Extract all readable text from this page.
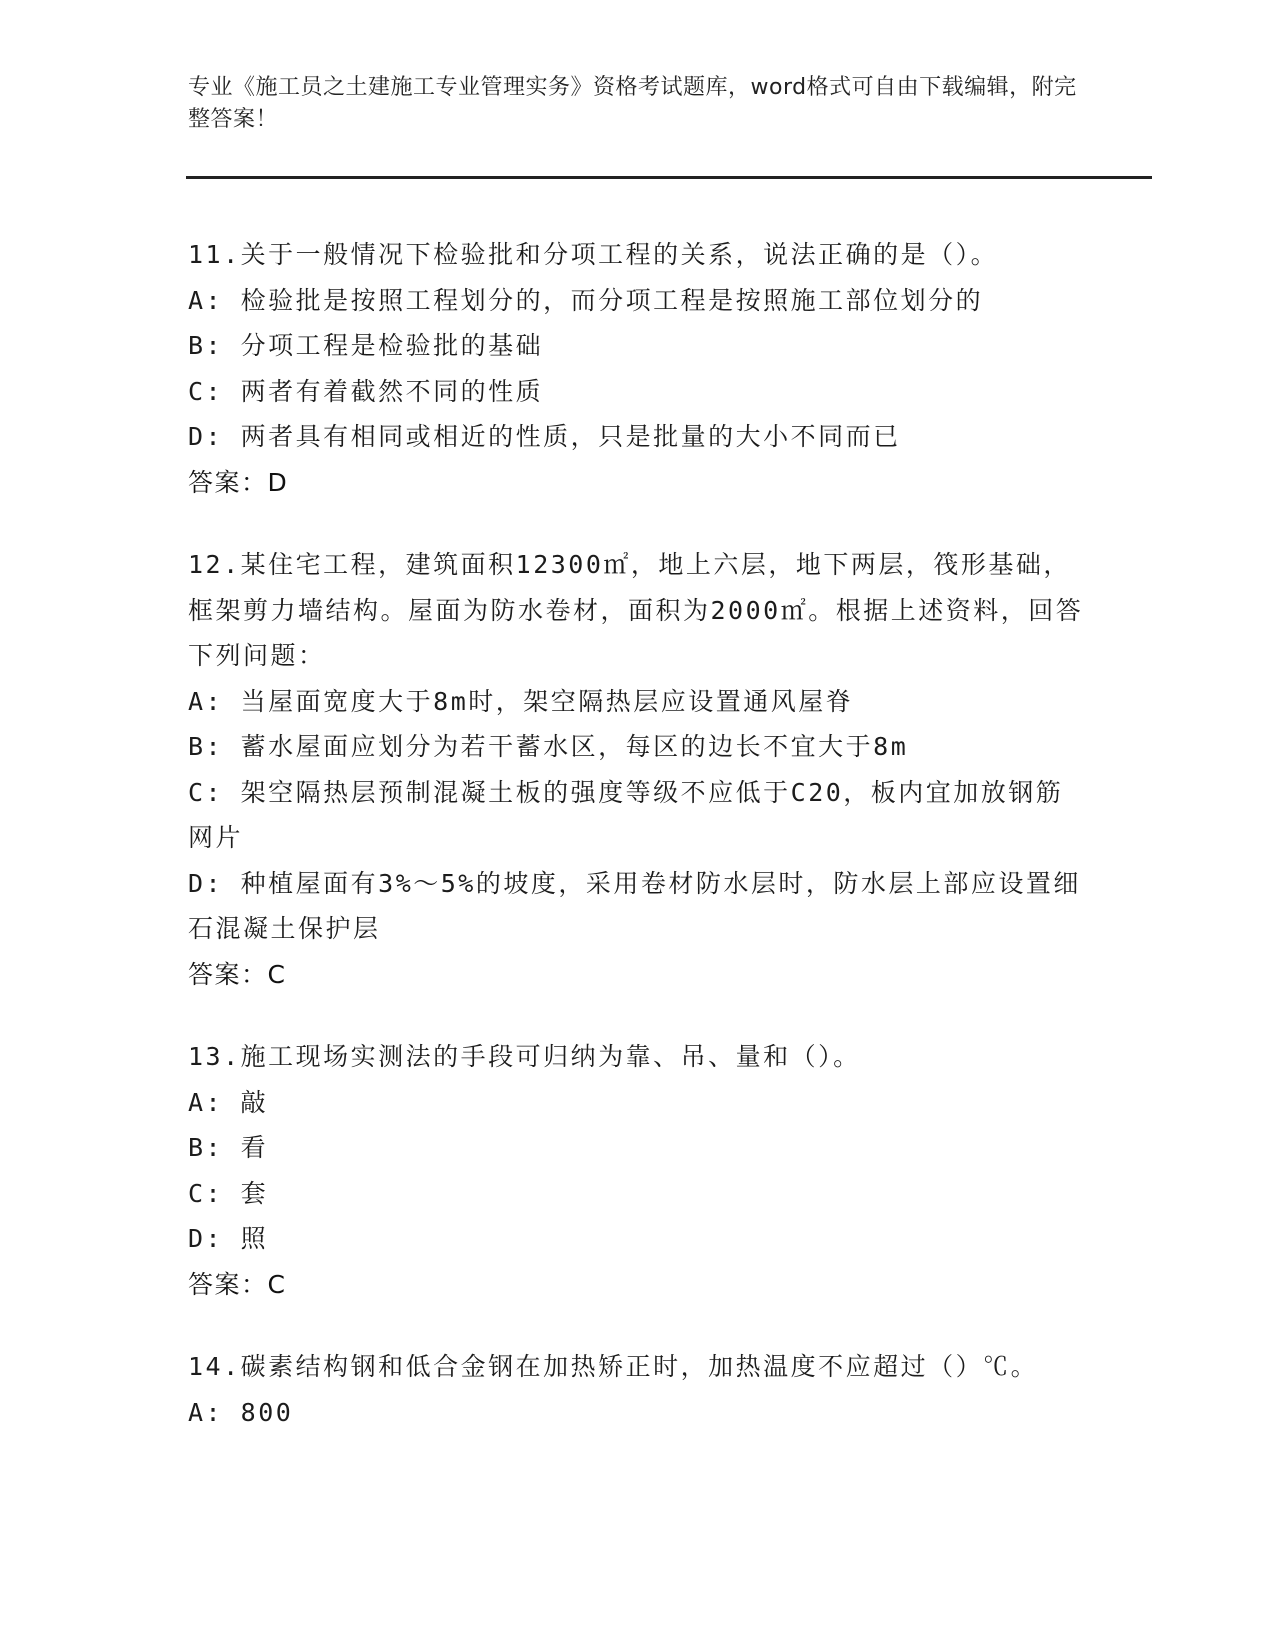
专业《施工员之土建施工专业管理实务》资格考试题库，word格式可自由下载编辑，附完整答案！
11.关于一般情况下检验批和分项工程的关系，说法正确的是（）。
A: 检验批是按照工程划分的，而分项工程是按照施工部位划分的
B: 分项工程是检验批的基础
C: 两者有着截然不同的性质
D: 两者具有相同或相近的性质，只是批量的大小不同而已
答案：D
12.某住宅工程，建筑面积12300㎡，地上六层，地下两层，筏形基础，框架剪力墙结构。屋面为防水卷材，面积为2000㎡。根据上述资料，回答下列问题：
A: 当屋面宽度大于8m时，架空隔热层应设置通风屋脊
B: 蓄水屋面应划分为若干蓄水区，每区的边长不宜大于8m
C: 架空隔热层预制混凝土板的强度等级不应低于C20，板内宜加放钢筋网片
D: 种植屋面有3%～5%的坡度，采用卷材防水层时，防水层上部应设置细石混凝土保护层
答案：C
13.施工现场实测法的手段可归纳为靠、吊、量和（）。
A: 敲
B: 看
C: 套
D: 照
答案：C
14.碳素结构钢和低合金钢在加热矫正时，加热温度不应超过（）℃。
A: 800
